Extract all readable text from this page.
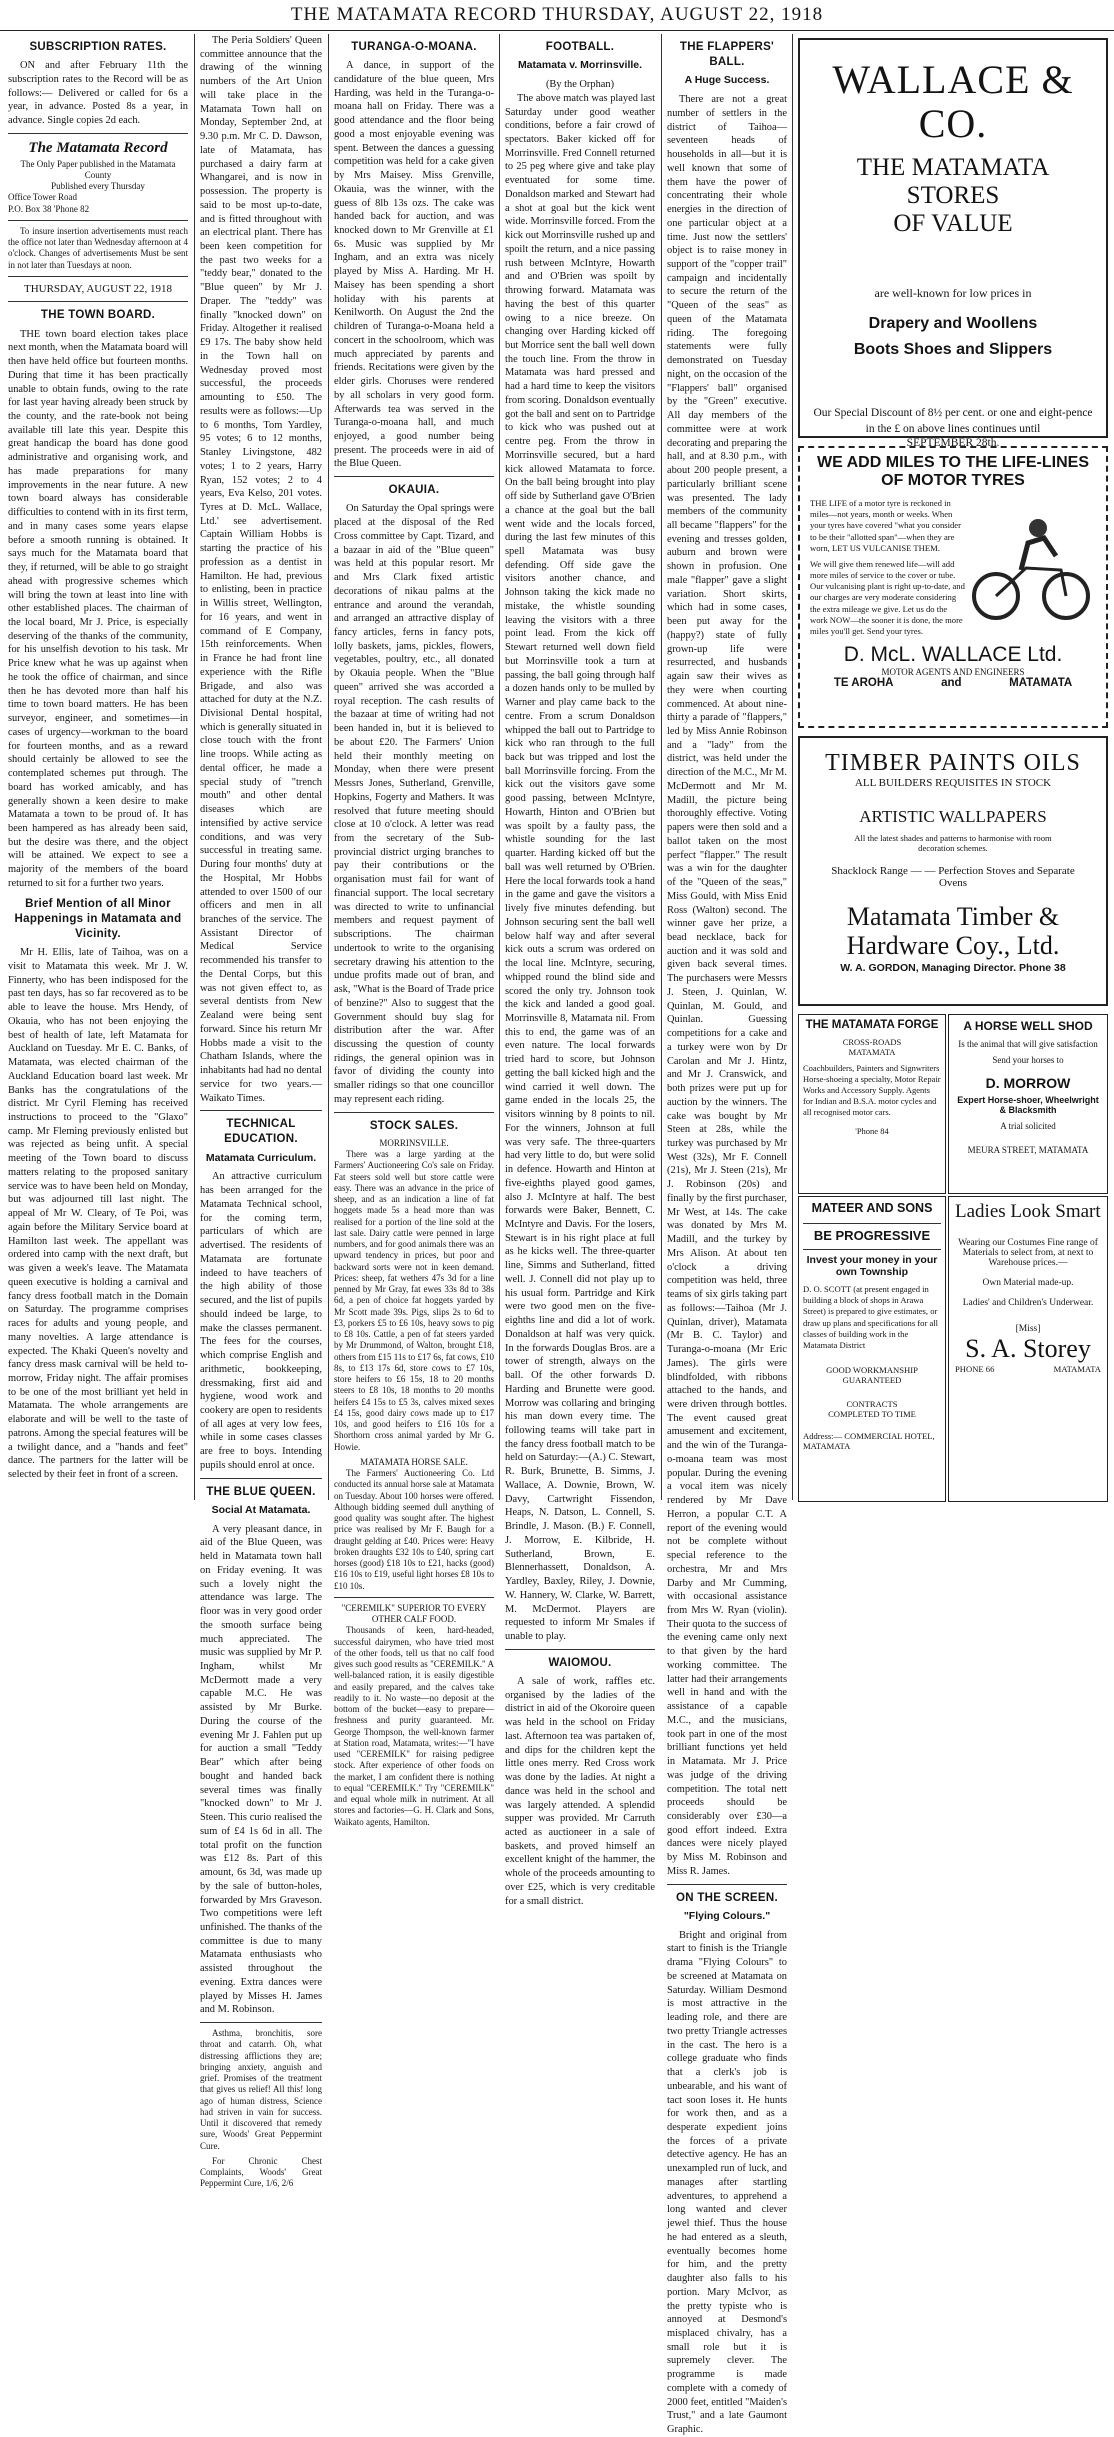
THE MATAMATA RECORD THURSDAY, AUGUST 22, 1918
SUBSCRIPTION RATES.

ON and after February 11th the subscription rates to the Record will be as follows:— Delivered or called for 6s a year, in advance. Posted 8s a year, in advance. Single copies 2d each.

The Matamata Record
The Only Paper published in the Matamata County
Published every Thursday
Office Tower Road
P.O. Box 38 'Phone 82

To insure insertion advertisements must reach the office not later than Wednesday afternoon at 4 o'clock. Changes of advertisements Must be sent in not later than Tuesdays at noon.

THURSDAY, AUGUST 22, 1918
THE TOWN BOARD.

THE town board election takes place next month, when the Matamata board will then have held office but fourteen months. During that time it has been practically unable to obtain funds, owing to the rate for last year having already been struck by the county, and the rate-book not being available till late this year. Despite this great handicap the board has done good administrative and organising work, and has made preparations for many improvements in the near future. A new town board always has considerable difficulties to contend with in its first term, and in many cases some years elapse before a smooth running is obtained. It says much for the Matamata board that they, if returned, will be able to go straight ahead with progressive schemes which will bring the town at least into line with other established places. The chairman of the local board, Mr J. Price, is especially deserving of the thanks of the community, for his unselfish devotion to his task. Mr Price knew what he was up against when he took the office of chairman, and since then he has devoted more than half his time to town board matters. He has been surveyor, engineer, and sometimes—in cases of urgency—workman to the board for fourteen months, and as a reward should certainly be allowed to see the contemplated schemes put through. The board has worked amicably, and has generally shown a keen desire to make Matamata a town to be proud of. It has been hampered as has already been said, but the desire was there, and the object will be attained. We expect to see a majority of the members of the board returned to sit for a further two years.

Brief Mention of all Minor Happenings in Matamata and Vicinity.

Mr H. Ellis, late of Taihoa, was on a visit to Matamata this week. Mr J. W. Finnerty, who has been indisposed for the past ten days, has so far recovered as to be able to leave the house. Mrs Hendy, of Okauia, who has not been enjoying the best of health of late, left Matamata for Auckland on Tuesday. Mr E. C. Banks, of Matamata, was elected chairman of the Auckland Education board last week. Mr Banks has the congratulations of the district. Mr Cyril Fleming has received instructions to proceed to the "Glaxo" camp. Mr Fleming previously enlisted but was rejected as being unfit. A special meeting of the Town board to discuss matters relating to the proposed sanitary service was to have been held on Monday, but was adjourned till last night. The appeal of Mr W. Cleary, of Te Poi, was again before the Military Service board at Hamilton last week. The appellant was ordered into camp with the next draft, but was given a week's leave. The Matamata queen executive is holding a carnival and fancy dress football match in the Domain on Saturday. The programme comprises races for adults and young people, and many novelties. A large attendance is expected. The Khaki Queen's novelty and fancy dress mask carnival will be held to-morrow, Friday night. The affair promises to be one of the most brilliant yet held in Matamata. The whole arrangements are elaborate and will be well to the taste of patrons. Among the special features will be a twilight dance, and a "hands and feet" dance. The partners for the latter will be selected by their feet in front of a screen.

The Peria Soldiers' Queen committee announce that the drawing of the winning numbers of the Art Union will take place in the Matamata Town hall on Monday, September 2nd, at 9.30 p.m. Mr C. D. Dawson, late of Matamata, has purchased a dairy farm at Whangarei, and is now in possession. The property is said to be most up-to-date, and is fitted throughout with an electrical plant. There has been keen competition for the past two weeks for a "teddy bear," donated to the "Blue queen" by Mr J. Draper. The "teddy" was finally "knocked down" on Friday. Altogether it realised £9 17s. The baby show held in the Town hall on Wednesday proved most successful, the proceeds amounting to £50. The results were as follows:—Up to 6 months, Tom Yardley, 95 votes; 6 to 12 months, Stanley Livingstone, 482 votes; 1 to 2 years, Harry Ryan, 152 votes; 2 to 4 years, Eva Kelso, 201 votes. Tyres at D. McL. Wallace, Ltd.' see advertisement. Captain William Hobbs is starting the practice of his profession as a dentist in Hamilton. He had, previous to enlisting, been in practice in Willis street, Wellington, for 16 years, and went in command of E Company, 15th reinforcements. When in France he had front line experience with the Rifle Brigade, and also was attached for duty at the N.Z. Divisional Dental hospital, which is generally situated in close touch with the front line troops. While acting as dental officer, he made a special study of "trench mouth" and other dental diseases which are intensified by active service conditions, and was very successful in treating same. During four months' duty at the Hospital, Mr Hobbs attended to over 1500 of our officers and men in all branches of the service. The Assistant Director of Medical Service recommended his transfer to the Dental Corps, but this was not given effect to, as several dentists from New Zealand were being sent forward. Since his return Mr Hobbs made a visit to the Chatham Islands, where the inhabitants had had no dental service for two years.—Waikato Times.

TECHNICAL EDUCATION.
Matamata Curriculum.

An attractive curriculum has been arranged for the Matamata Technical school, for the coming term, particulars of which are advertised. The residents of Matamata are fortunate indeed to have teachers of the high ability of those secured, and the list of pupils should indeed be large, to make the classes permanent. The fees for the courses, which comprise English and arithmetic, bookkeeping, dressmaking, first aid and hygiene, wood work and cookery are open to residents of all ages at very low fees, while in some cases classes are free to boys. Intending pupils should enrol at once.

THE BLUE QUEEN.
Social At Matamata.

A very pleasant dance, in aid of the Blue Queen, was held in Matamata town hall on Friday evening. It was such a lovely night the attendance was large. The floor was in very good order the smooth surface being much appreciated. The music was supplied by Mr P. Ingham, whilst Mr McDermott made a very capable M.C. He was assisted by Mr Burke. During the course of the evening Mr J. Fahlen put up for auction a small "Teddy Bear" which after being bought and handed back several times was finally "knocked down" to Mr J. Steen. This curio realised the sum of £4 1s 6d in all. The total profit on the function was £12 8s. Part of this amount, 6s 3d, was made up by the sale of button-holes, forwarded by Mrs Graveson. Two competitions were left unfinished. The thanks of the committee is due to many Matamata enthusiasts who assisted throughout the evening. Extra dances were played by Misses H. James and M. Robinson.

Asthma, bronchitis, sore throat and catarrh. Oh, what distressing afflictions they are; bringing anxiety, anguish and grief. Promises of the treatment that gives us relief! All this! long ago of human distress, Science had striven in vain for success. Until it discovered that remedy sure, Woods' Great Peppermint Cure.

For Chronic Chest Complaints, Woods' Great Peppermint Cure, 1/6, 2/6

TURANGA-O-MOANA.

A dance, in support of the candidature of the blue queen, Mrs Harding, was held in the Turanga-o-moana hall on Friday. There was a good attendance and the floor being good a most enjoyable evening was spent. Between the dances a guessing competition was held for a cake given by Mrs Maisey. Miss Grenville, Okauia, was the winner, with the guess of 8lb 13s ozs. The cake was handed back for auction, and was knocked down to Mr Grenville at £1 6s. Music was supplied by Mr Ingham, and an extra was nicely played by Miss A. Harding. Mr H. Maisey has been spending a short holiday with his parents at Kenilworth. On August the 2nd the children of Turanga-o-Moana held a concert in the schoolroom, which was much appreciated by parents and friends. Recitations were given by the elder girls. Choruses were rendered by all scholars in very good form. Afterwards tea was served in the Turanga-o-moana hall, and much enjoyed, a good number being present. The proceeds were in aid of the Blue Queen.

OKAUIA.

On Saturday the Opal springs were placed at the disposal of the Red Cross committee by Capt. Tizard, and a bazaar in aid of the "Blue queen" was held at this popular resort. Mr and Mrs Clark fixed artistic decorations of nikau palms at the entrance and around the verandah, and arranged an attractive display of fancy articles, ferns in fancy pots, lolly baskets, jams, pickles, flowers, vegetables, poultry, etc., all donated by Okauia people. When the "Blue queen" arrived she was accorded a royal reception. The cash results of the bazaar at time of writing had not been handed in, but it is believed to be about £20. The Farmers' Union held their monthly meeting on Monday, when there were present Messrs Jones, Sutherland, Grenville, Hopkins, Fogerty and Mathers. It was resolved that future meeting should close at 10 o'clock. A letter was read from the secretary of the Sub-provincial district urging branches to pay their contributions or the organisation must fail for want of financial support. The local secretary was directed to write to unfinancial members and request payment of subscriptions. The chairman undertook to write to the organising secretary drawing his attention to the undue profits made out of bran, and ask, "What is the Board of Trade price of benzine?" Also to suggest that the Government should buy slag for distribution after the war. After discussing the question of county ridings, the general opinion was in favor of dividing the county into smaller ridings so that one councillor may represent each riding.

STOCK SALES.
MORRINSVILLE.

There was a large yarding at the Farmers' Auctioneering Co's sale on Friday. Fat steers sold well but store cattle were easy. There was an advance in the price of sheep, and as an indication a line of fat hoggets made 5s a head more than was realised for a portion of the line sold at the last sale. Dairy cattle were penned in large numbers, and for good animals there was an upward tendency in prices, but poor and backward sorts were not in keen demand. Prices: sheep, fat wethers 47s 3d for a line penned by Mr Gray, fat ewes 33s 8d to 38s 6d, a pen of choice fat hoggets yarded by Mr Scott made 39s. Pigs, slips 2s to 6d to £3, porkers £5 to £6 10s, heavy sows to pig to £8 10s. Cattle, a pen of fat steers yarded by Mr Drummond, of Walton, brought £18, others from £15 11s to £17 6s, fat cows, £10 8s, to £13 17s 6d, store cows to £7 10s, store heifers to £6 15s, 18 to 20 months steers to £8 10s, 18 months to 20 months heifers £4 15s to £5 3s, calves mixed sexes £4 15s, good dairy cows made up to £17 10s, and good heifers to £16 10s for a Shorthorn cross animal yarded by Mr G. Howie.

MATAMATA HORSE SALE.

The Farmers' Auctioneering Co. Ltd conducted its annual horse sale at Matamata on Tuesday. About 100 horses were offered. Although bidding seemed dull anything of good quality was sought after. The highest price was realised by Mr F. Baugh for a draught gelding at £40. Prices were: Heavy broken draughts £32 10s to £40, spring cart horses (good) £18 10s to £21, hacks (good) £16 10s to £19, useful light horses £8 10s to £10 10s.

"CEREMILK" SUPERIOR TO EVERY OTHER CALF FOOD.

Thousands of keen, hard-headed, successful dairymen, who have tried most of the other foods, tell us that no calf food gives such good results as "CEREMILK." A well-balanced ration, it is easily digestible and easily prepared, and the calves take readily to it. No waste—no deposit at the bottom of the bucket—easy to prepare—freshness and purity guaranteed. Mr. George Thompson, the well-known farmer at Station road, Matamata, writes:—"I have used "CEREMILK" for raising pedigree stock. After experience of other foods on the market, I am confident there is nothing to equal "CEREMILK." Try "CEREMILK" and equal whole milk in nutriment. At all stores and factories—G. H. Clark and Sons, Waikato agents, Hamilton.

FOOTBALL.
Matamata v. Morrinsville.
(By the Orphan)

The above match was played last Saturday under good weather conditions, before a fair crowd of spectators. Baker kicked off for Morrinsville. Fred Connell returned to 25 peg where give and take play eventuated for some time. Donaldson marked and Stewart had a shot at goal but the kick went wide. Morrinsville forced. From the kick out Morrinsville rushed up and spoilt the return, and a nice passing rush between McIntyre, Howarth and and O'Brien was spoilt by throwing forward. Matamata was having the best of this quarter owing to a nice breeze. On changing over Harding kicked off but Morrice sent the ball well down the touch line. From the throw in Matamata was hard pressed and had a hard time to keep the visitors from scoring. Donaldson eventually got the ball and sent on to Partridge to kick who was pushed out at centre peg. From the throw in Morrinsville secured, but a hard kick allowed Matamata to force. On the ball being brought into play off side by Sutherland gave O'Brien a chance at the goal but the ball went wide and the locals forced, during the last few minutes of this spell Matamata was busy defending. Off side gave the visitors another chance, and Johnson taking the kick made no mistake, the whistle sounding leaving the visitors with a three point lead. From the kick off Stewart returned well down field but Morrinsville took a turn at passing, the ball going through half a dozen hands only to be mulled by Warner and play came back to the centre. From a scrum Donaldson whipped the ball out to Partridge to kick who ran through to the full back but was tripped and lost the ball Morrinsville forcing. From the kick out the visitors gave some good passing, between McIntyre, Howarth, Hinton and O'Brien but was spoilt by a faulty pass, the whistle sounding for the last quarter. Harding kicked off but the ball was well returned by O'Brien. Here the local forwards took a hand in the game and gave the visitors a lively five minutes defending. but Johnson securing sent the ball well below half way and after several kick outs a scrum was ordered on the local line. McIntyre, securing, whipped round the blind side and scored the only try. Johnson took the kick and landed a good goal. Morrinsville 8, Matamata nil. From this to end, the game was of an even nature. The local forwards tried hard to score, but Johnson getting the ball kicked high and the wind carried it well down. The game ended in the locals 25, the visitors winning by 8 points to nil. For the winners, Johnson at full was very safe. The three-quarters had very little to do, but were solid in defence. Howarth and Hinton at five-eighths played good games, also J. McIntyre at half. The best forwards were Baker, Bennett, C. McIntyre and Davis. For the losers, Stewart is in his right place at full as he kicks well. The three-quarter line, Simms and Sutherland, fitted well. J. Connell did not play up to his usual form. Partridge and Kirk were two good men on the five-eighths line and did a lot of work. Donaldson at half was very quick. In the forwards Douglas Bros. are a tower of strength, always on the ball. Of the other forwards D. Harding and Brunette were good. Morrow was collaring and bringing his man down every time. The following teams will take part in the fancy dress football match to be held on Saturday:—(A.) C. Stewart, R. Burk, Brunette, B. Simms, J. Wallace, A. Downie, Brown, W. Davy, Cartwright Fissendon, Heaps, N. Datson, L. Connell, S. Brindle, J. Mason. (B.) F. Connell, J. Morrow, E. Kilbride, H. Sutherland, Brown, E. Blennerhassett, Donaldson, A. Yardley, Baxley, Riley, J. Downie, W. Hannery, W. Clarke, W. Barrett, M. McDermot. Players are requested to inform Mr Smales if unable to play.

WAIOMOU.

A sale of work, raffles etc. organised by the ladies of the district in aid of the Okoroire queen was held in the school on Friday last. Afternoon tea was partaken of, and dips for the children kept the little ones merry. Red Cross work was done by the ladies. At night a dance was held in the school and was largely attended. A splendid supper was provided. Mr Carruth acted as auctioneer in a sale of baskets, and proved himself an excellent knight of the hammer, the whole of the proceeds amounting to over £25, which is very creditable for a small district.

THE FLAPPERS' BALL.
A Huge Success.

There are not a great number of settlers in the district of Taihoa—seventeen heads of households in all—but it is well known that some of them have the power of concentrating their whole energies in the direction of one particular object at a time. Just now the settlers' object is to raise money in support of the "copper trail" campaign and incidentally to secure the return of the "Queen of the seas" as queen of the Matamata riding. The foregoing statements were fully demonstrated on Tuesday night, on the occasion of the "Flappers' ball" organised by the "Green" executive. All day members of the committee were at work decorating and preparing the hall, and at 8.30 p.m., with about 200 people present, a particularly brilliant scene was presented. The lady members of the community all became "flappers" for the evening and tresses golden, auburn and brown were shown in profusion. One male "flapper" gave a slight variation. Short skirts, which had in some cases, been put away for the (happy?) state of fully grown-up life were resurrected, and husbands again saw their wives as they were when courting commenced. At about nine-thirty a parade of "flappers," led by Miss Annie Robinson and a "lady" from the district, was held under the direction of the M.C., Mr M. McDermott and Mr M. Madill, the picture being thoroughly effective. Voting papers were then sold and a ballot taken on the most perfect "flapper." The result was a win for the daughter of the "Queen of the seas," Miss Gould, with Miss Enid Ross (Walton) second. The winner gave her prize, a bead necklace, back for auction and it was sold and given back several times. The purchasers were Messrs J. Steen, J. Quinlan, W. Quinlan, M. Gould, and Quinlan. Guessing competitions for a cake and a turkey were won by Dr Carolan and Mr J. Hintz, and Mr J. Cranswick, and both prizes were put up for auction by the winners. The cake was bought by Mr Steen at 28s, while the turkey was purchased by Mr West (32s), Mr F. Connell (21s), Mr J. Steen (21s), Mr J. Robinson (20s) and finally by the first purchaser, Mr West, at 14s. The cake was donated by Mrs M. Madill, and the turkey by Mrs Alison. At about ten o'clock a driving competition was held, three teams of six girls taking part as follows:—Taihoa (Mr J. Quinlan, driver), Matamata (Mr B. C. Taylor) and Turanga-o-moana (Mr Eric James). The girls were blindfolded, with ribbons attached to the hands, and were driven through bottles. The event caused great amusement and excitement, and the win of the Turanga-o-moana team was most popular. During the evening a vocal item was nicely rendered by Mr Dave Herron, a popular C.T. A report of the evening would not be complete without special reference to the orchestra, Mr and Mrs Darby and Mr Cumming, with occasional assistance from Mrs W. Ryan (violin). Their quota to the success of the evening came only next to that given by the hard working committee. The latter had their arrangements well in hand and with the assistance of a capable M.C., and the musicians, took part in one of the most brilliant functions yet held in Matamata. Mr J. Price was judge of the driving competition. The total nett proceeds should be considerably over £30—a good effort indeed. Extra dances were nicely played by Miss M. Robinson and Miss R. James.

ON THE SCREEN.
"Flying Colours."

Bright and original from start to finish is the Triangle drama "Flying Colours" to be screened at Matamata on Saturday. William Desmond is most attractive in the leading role, and there are two pretty Triangle actresses in the cast. The hero is a college graduate who finds that a clerk's job is unbearable, and his want of tact soon loses it. He hunts for work then, and as a desperate expedient joins the forces of a private detective agency. He has an unexampled run of luck, and manages after startling adventures, to apprehend a long wanted and clever jewel thief. Thus the house he had entered as a sleuth, eventually becomes home for him, and the pretty daughter also falls to his portion. Mary McIvor, as the pretty typiste who is annoyed at Desmond's misplaced chivalry, has a small role but it is supremely clever. The programme is made complete with a comedy of 2000 feet, entitled "Maiden's Trust," and a late Gaumont Graphic.

WALLACE & CO.
THE MATAMATA STORES
OF VALUE
are well-known for low prices in
Drapery and Woollens
Boots Shoes and Slippers
Our Special Discount of 8½ per cent. or one and eight-pence in the £ on above lines continues until
SEPTEMBER 28th.
WE ADD MILES TO THE LIFE-LINES
OF MOTOR TYRES

THE LIFE of a motor tyre is reckoned in miles—not years, month or weeks. When your tyres have covered "what you consider to be their "allotted span"—when they are worn, LET US VULCANISE THEM.

We will give them renewed life—will add more miles of service to the cover or tube. Our vulcanising plant is right up-to-date, and our charges are very moderate considering the extra mileage we give. Let us do the work NOW—the sooner it is done, the more miles you'll get. Send your tyres.

D. McL. WALLACE Ltd.
MOTOR AGENTS AND ENGINEERS
TE AROHA	and	MATAMATA
TIMBER PAINTS OILS
ALL BUILDERS REQUISITES IN STOCK
ARTISTIC WALLPAPERS
All the latest shades and patterns to harmonise with room decoration schemes.
Shacklock Range — — Perfection Stoves and Separate Ovens
Matamata Timber &
Hardware Coy., Ltd.
W. A. GORDON, Managing Director. Phone 38
THE MATAMATA FORGE
CROSS-ROADS MATAMATA
Coachbuilders, Painters and Signwriters Horse-shoeing a specialty, Motor Repair Works and Accessory Supply. Agents for Indian and B.S.A. motor cycles and all recognised motor cars.
'Phone 84
A HORSE WELL SHOD
Is the animal that will give satisfaction
Send your horses to
D. MORROW
Expert Horse-shoer, Wheelwright & Blacksmith
A trial solicited
MEURA STREET, MATAMATA
MATEER AND SONS
BE PROGRESSIVE
Invest your money in your own Township
D. O. SCOTT (at present engaged in building a block of shops in Arawa Street) is prepared to give estimates, or draw up plans and specifications for all classes of building work in the Matamata District
GOOD WORKMANSHIP GUARANTEED
CONTRACTS COMPLETED TO TIME
Address:— COMMERCIAL HOTEL, MATAMATA
Ladies Look Smart
Wearing our Costumes Fine range of Materials to select from, at next to Warehouse prices.—
Own Material made-up.
Ladies' and Children's Underwear.
[Miss]
S. A. Storey
PHONE 66	MATAMATA
